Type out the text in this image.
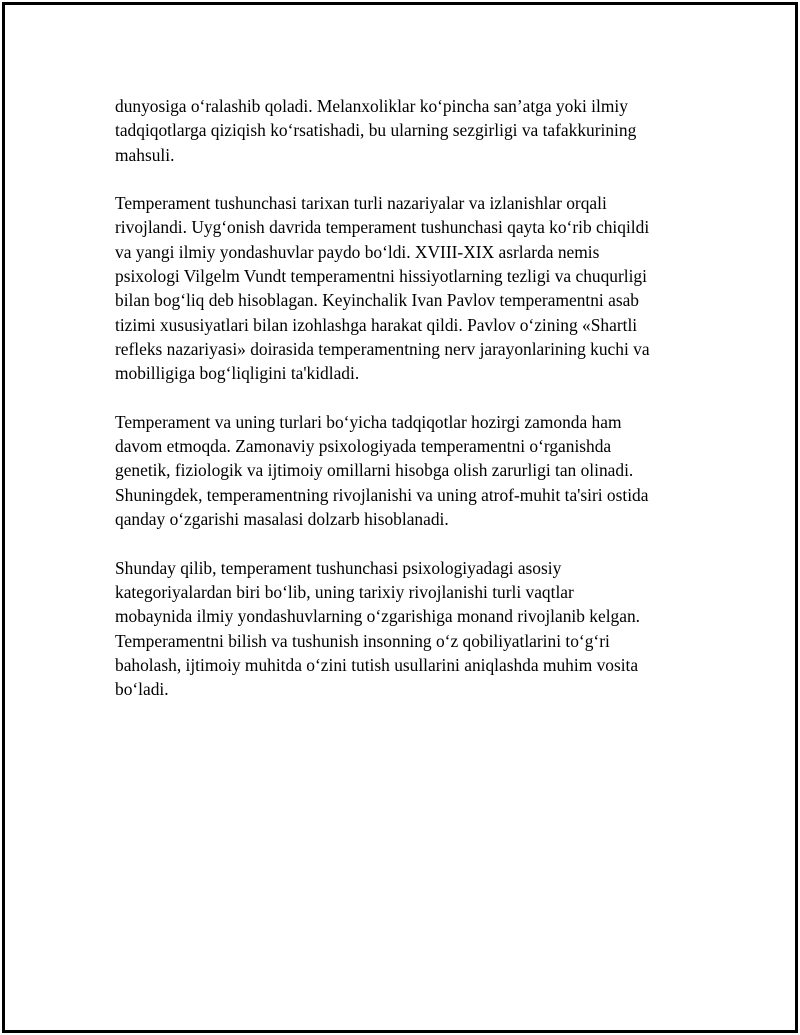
dunyosiga o‘ralashib qoladi. Melanxoliklar ko‘pincha san’atga yoki ilmiy
tadqiqotlarga qiziqish ko‘rsatishadi, bu ularning sezgirligi va tafakkurining
mahsuli.

Temperament tushunchasi tarixan turli nazariyalar va izlanishlar orqali
rivojlandi. Uyg‘onish davrida temperament tushunchasi qayta ko‘rib chiqildi
va yangi ilmiy yondashuvlar paydo bo‘ldi. XVIII-XIX asrlarda nemis
psixologi Vilgelm Vundt temperamentni hissiyotlarning tezligi va chuqurligi
bilan bog‘liq deb hisoblagan. Keyinchalik Ivan Pavlov temperamentni asab
tizimi xususiyatlari bilan izohlashga harakat qildi. Pavlov o‘zining «Shartli
refleks nazariyasi» doirasida temperamentning nerv jarayonlarining kuchi va
mobilligiga bog‘liqligini ta'kidladi.

Temperament va uning turlari bo‘yicha tadqiqotlar hozirgi zamonda ham
davom etmoqda. Zamonaviy psixologiyada temperamentni o‘rganishda
genetik, fiziologik va ijtimoiy omillarni hisobga olish zarurligi tan olinadi.
Shuningdek, temperamentning rivojlanishi va uning atrof-muhit ta'siri ostida
qanday o‘zgarishi masalasi dolzarb hisoblanadi.

Shunday qilib, temperament tushunchasi psixologiyadagi asosiy
kategoriyalardan biri bo‘lib, uning tarixiy rivojlanishi turli vaqtlar
mobaynida ilmiy yondashuvlarning o‘zgarishiga monand rivojlanib kelgan.
Temperamentni bilish va tushunish insonning o‘z qobiliyatlarini to‘g‘ri
baholash, ijtimoiy muhitda o‘zini tutish usullarini aniqlashda muhim vosita
bo‘ladi.
